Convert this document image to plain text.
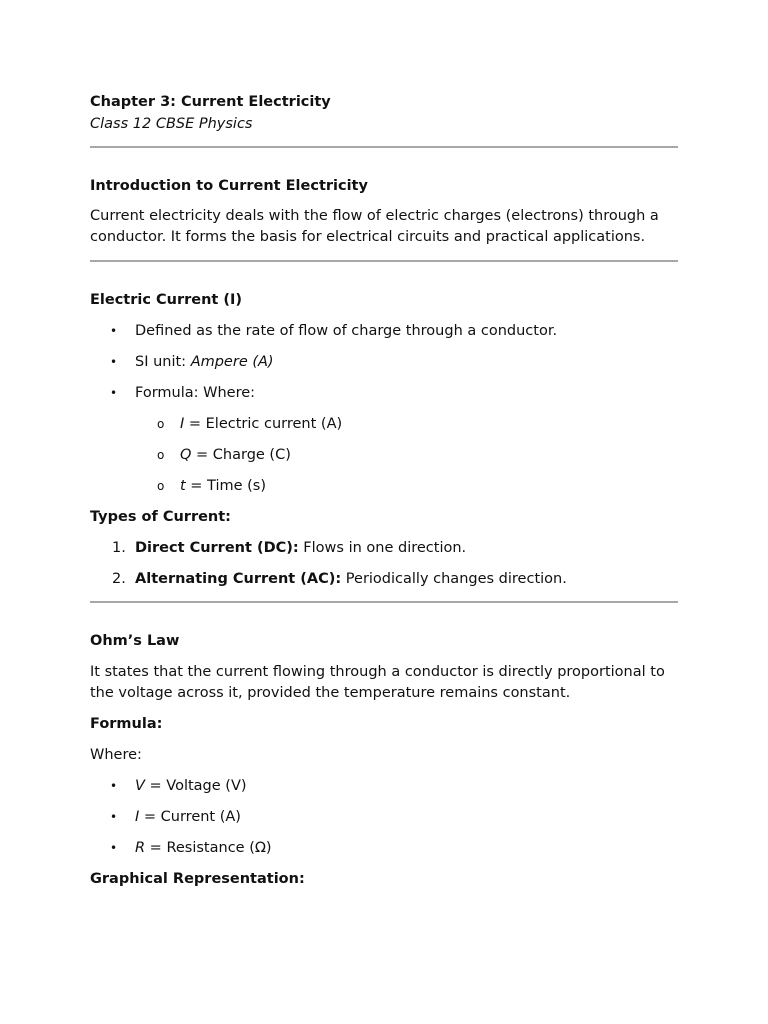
Chapter 3: Current Electricity
Class 12 CBSE Physics
Introduction to Current Electricity

Current electricity deals with the flow of electric charges (electrons) through a conductor. It forms the basis for electrical circuits and practical applications.

Electric Current (I)
• Defined as the rate of flow of charge through a conductor.
• SI unit: Ampere (A)
• Formula: Where:
o I = Electric current (A)
o Q = Charge (C)
o t = Time (s)
Types of Current:
1. Direct Current (DC): Flows in one direction.
2. Alternating Current (AC): Periodically changes direction.
Ohm’s Law

It states that the current flowing through a conductor is directly proportional to the voltage across it, provided the temperature remains constant.

Formula:

Where:

• V = Voltage (V)
• I = Current (A)
• R = Resistance (Ω)
Graphical Representation:
